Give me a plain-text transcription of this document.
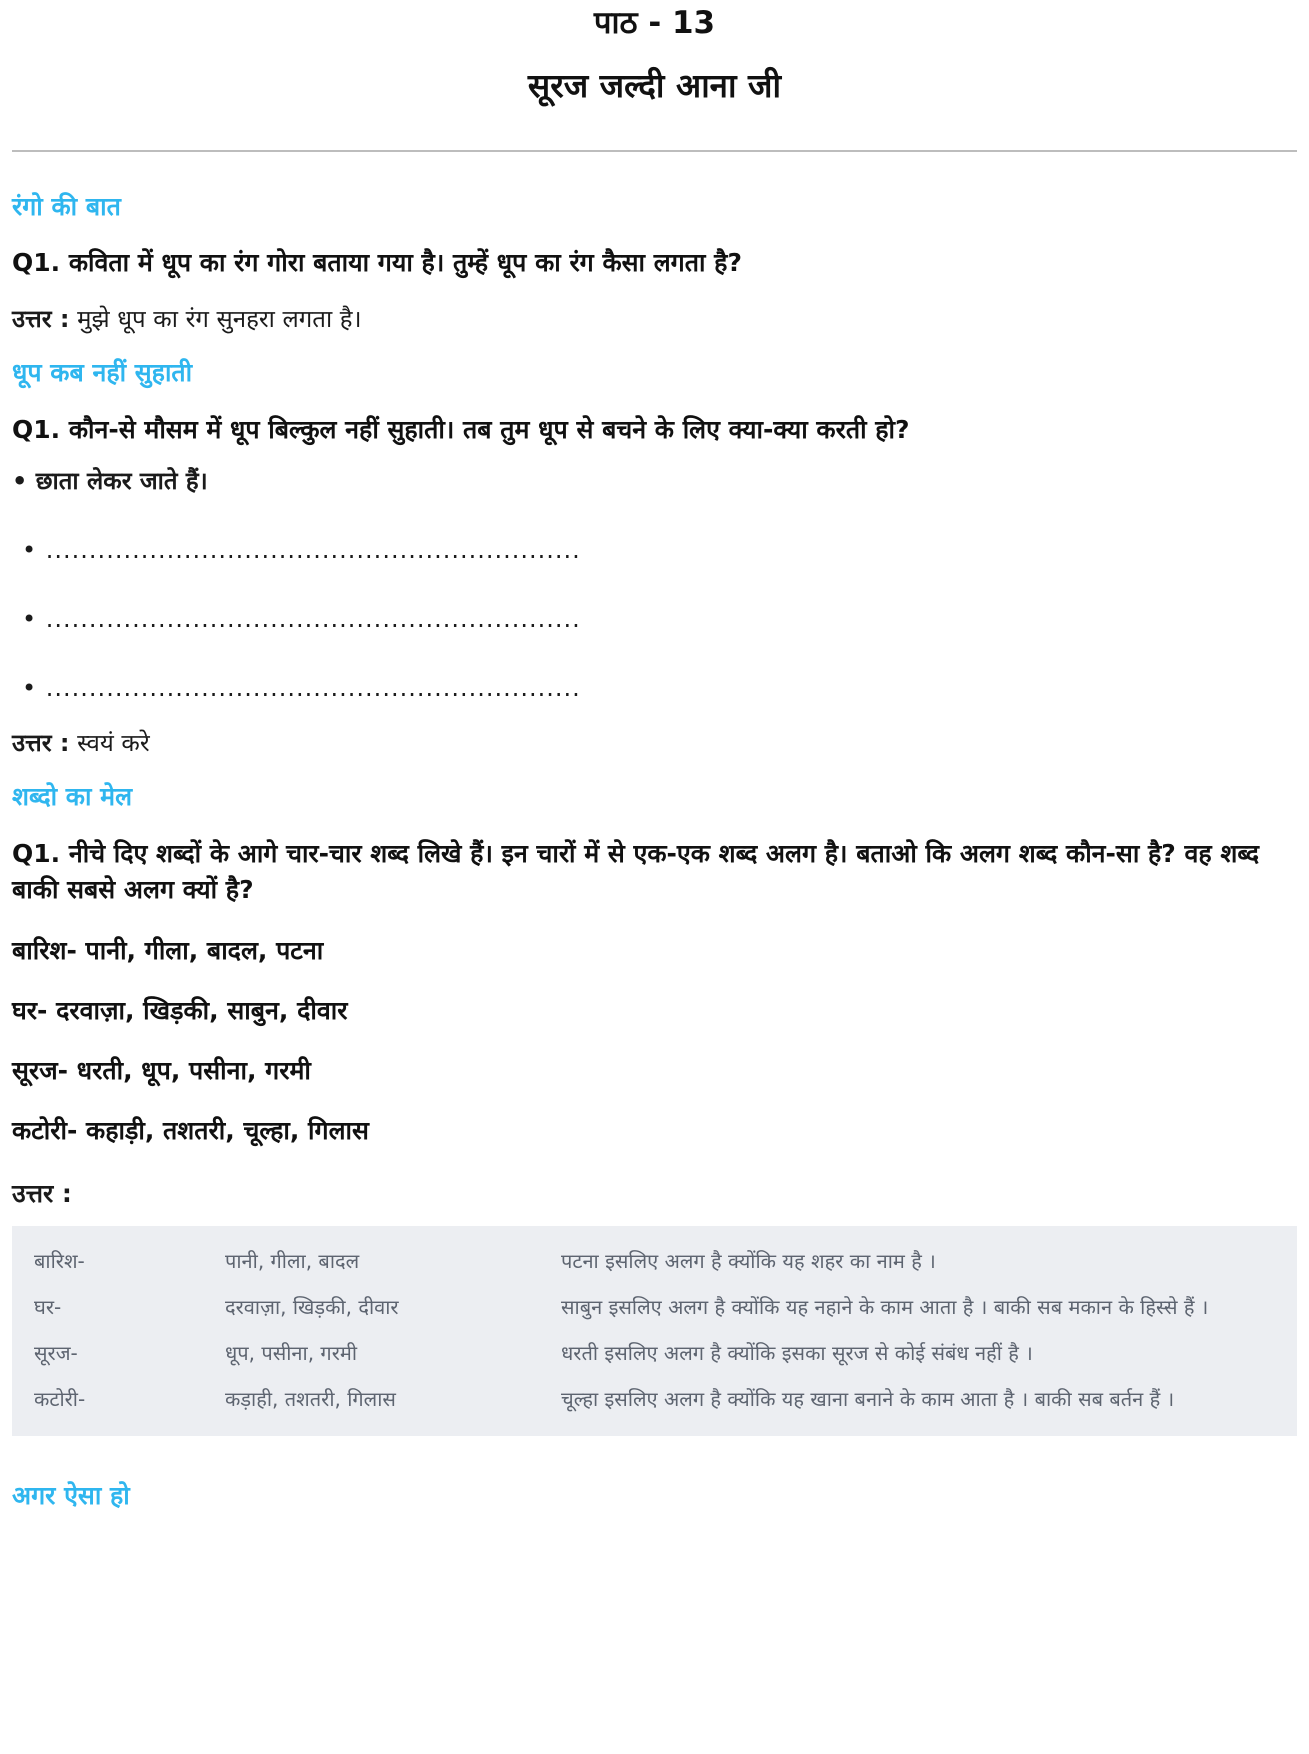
पाठ - 13
सूरज जल्दी आना जी
रंगो की बात
Q1. कविता में धूप का रंग गोरा बताया गया है। तुम्हें धूप का रंग कैसा लगता है?
उत्तर : मुझे धूप का रंग सुनहरा लगता है।
धूप कब नहीं सुहाती
Q1. कौन-से मौसम में धूप बिल्कुल नहीं सुहाती। तब तुम धूप से बचने के लिए क्या-क्या करती हो?
• छाता लेकर जाते हैं।
• ..............................................................
• ..............................................................
• ..............................................................
उत्तर : स्वयं करे
शब्दो का मेल
Q1. नीचे दिए शब्दों के आगे चार-चार शब्द लिखे हैं। इन चारों में से एक-एक शब्द अलग है। बताओ कि अलग शब्द कौन-सा है? वह शब्द बाकी सबसे अलग क्यों है?
बारिश- पानी, गीला, बादल, पटना
घर- दरवाज़ा, खिड़की, साबुन, दीवार
सूरज- धरती, धूप, पसीना, गरमी
कटोरी- कहाड़ी, तशतरी, चूल्हा, गिलास
उत्तर :
बारिश-	पानी, गीला, बादल	पटना इसलिए अलग है क्योंकि यह शहर का नाम है ।
घर-	दरवाज़ा, खिड़की, दीवार	साबुन इसलिए अलग है क्योंकि यह नहाने के काम आता है । बाकी सब मकान के हिस्से हैं ।
सूरज-	धूप, पसीना, गरमी	धरती इसलिए अलग है क्योंकि इसका सूरज से कोई संबंध नहीं है ।
कटोरी-	कड़ाही, तशतरी, गिलास	चूल्हा इसलिए अलग है क्योंकि यह खाना बनाने के काम आता है । बाकी सब बर्तन हैं ।
अगर ऐसा हो
